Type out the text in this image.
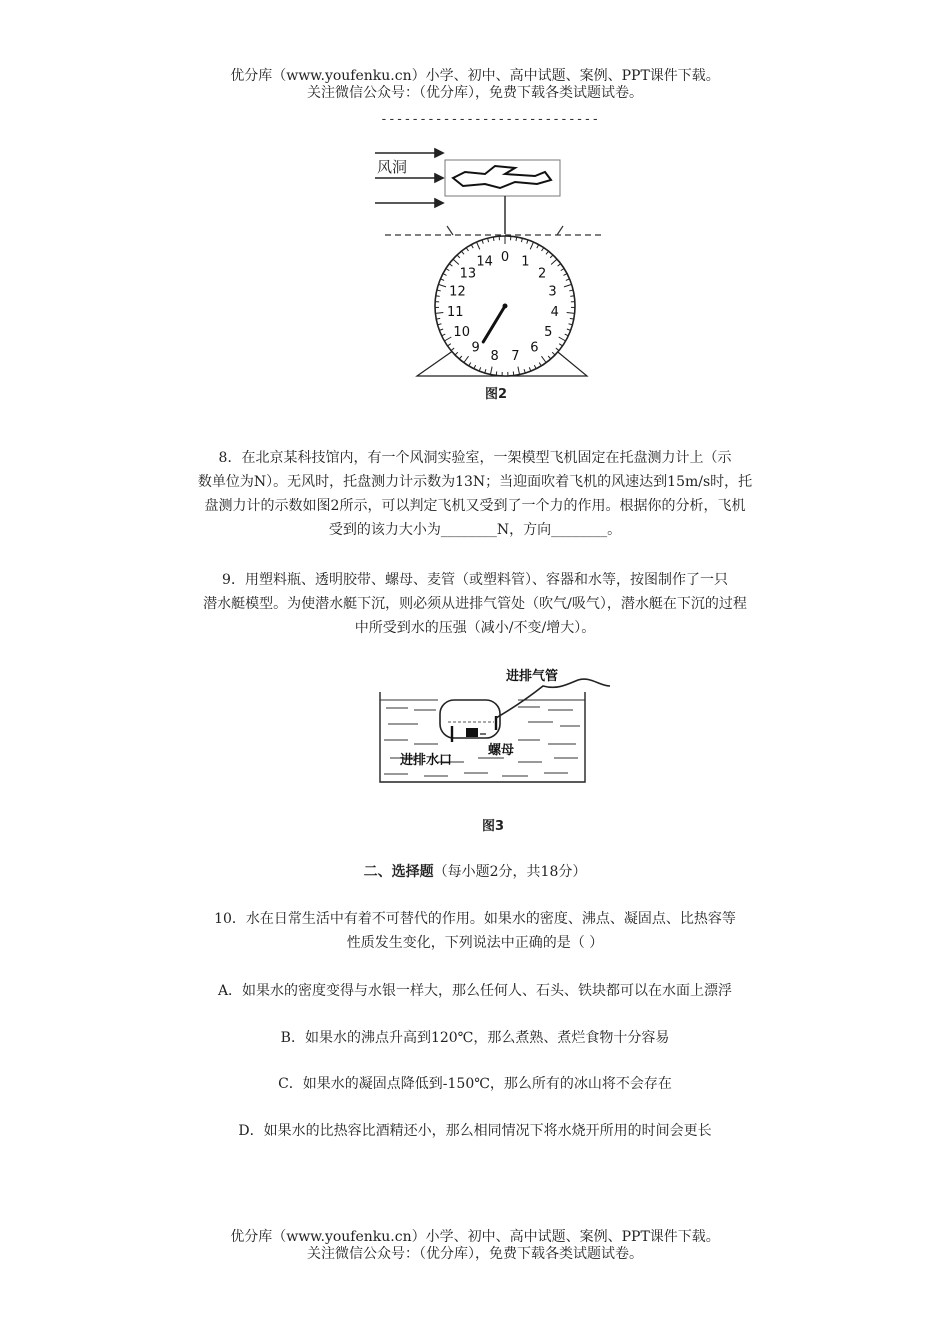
优分库（www.youfenku.cn）小学、初中、高中试题、案例、PPT课件下载。
关注微信公众号：（优分库），免费下载各类试题试卷。
----------------------------
风洞
0 1
2
3
4
5
6
7
8
9
10
11
12
13
14
图2
8．在北京某科技馆内，有一个风洞实验室，一架模型飞机固定在托盘测力计上（示
数单位为N）。无风时，托盘测力计示数为13N；当迎面吹着飞机的风速达到15m/s时，托
盘测力计的示数如图2所示，可以判定飞机又受到了一个力的作用。根据你的分析，飞机
受到的该力大小为________N，方向________。
9．用塑料瓶、透明胶带、螺母、麦管（或塑料管）、容器和水等，按图制作了一只
潜水艇模型。为使潜水艇下沉，则必须从进排气管处（吹气/吸气），潜水艇在下沉的过程
中所受到水的压强（减小/不变/增大）。
进排气管
螺母
进排水口
图3
二、选择题（每小题2分，共18分）
10．水在日常生活中有着不可替代的作用。如果水的密度、沸点、凝固点、比热容等
性质发生变化，下列说法中正确的是（ ）
A．如果水的密度变得与水银一样大，那么任何人、石头、铁块都可以在水面上漂浮
B．如果水的沸点升高到120℃，那么煮熟、煮烂食物十分容易
C．如果水的凝固点降低到-150℃，那么所有的冰山将不会存在
D．如果水的比热容比酒精还小，那么相同情况下将水烧开所用的时间会更长
优分库（www.youfenku.cn）小学、初中、高中试题、案例、PPT课件下载。
关注微信公众号：（优分库），免费下载各类试题试卷。
